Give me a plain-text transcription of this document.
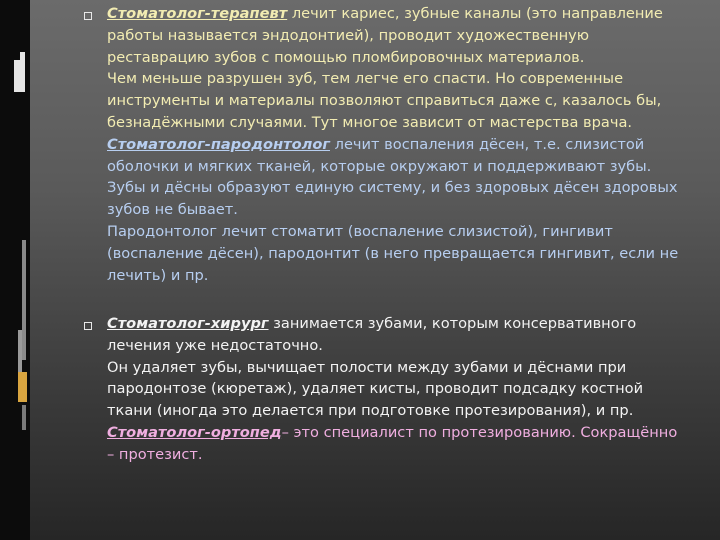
Стоматолог-терапевт лечит кариес, зубные каналы (это направление работы называется эндодонтией), проводит художественную реставрацию зубов с помощью пломбировочных материалов.

Чем меньше разрушен зуб, тем легче его спасти. Но современные инструменты и материалы позволяют справиться даже с, казалось бы, безнадёжными случаями. Тут многое зависит от мастерства врача.

Стоматолог-пародонтолог лечит воспаления дёсен, т.е. слизистой оболочки и мягких тканей, которые окружают и поддерживают зубы. Зубы и дёсны образуют единую систему, и без здоровых дёсен здоровых зубов не бывает.

Пародонтолог лечит стоматит (воспаление слизистой), гингивит (воспаление дёсен), пародонтит (в него превращается гингивит, если не лечить) и пр.

Стоматолог-хирург занимается зубами, которым консервативного лечения уже недостаточно.

Он удаляет зубы, вычищает полости между зубами и дёснами при пародонтозе (кюретаж), удаляет кисты, проводит подсадку костной ткани (иногда это делается при подготовке протезирования), и пр.

Стоматолог-ортопед– это специалист по протезированию. Сокращённо – протезист.
